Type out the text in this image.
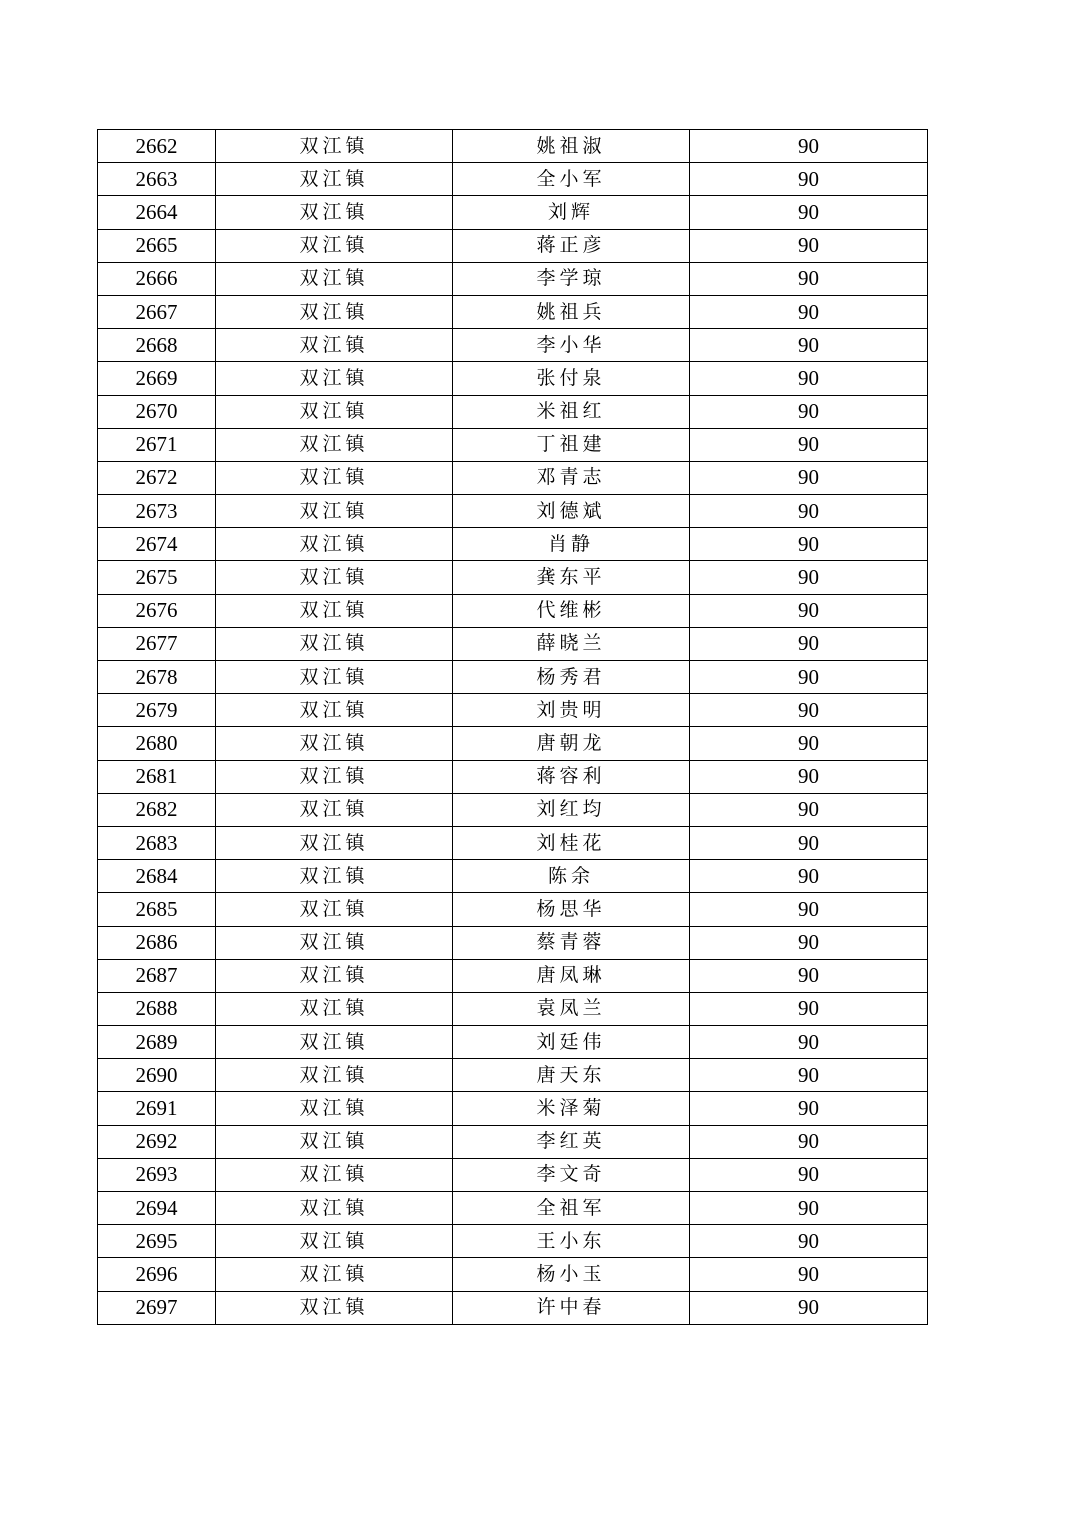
2662	双江镇	姚祖淑	90
2663	双江镇	全小军	90
2664	双江镇	刘辉	90
2665	双江镇	蒋正彦	90
2666	双江镇	李学琼	90
2667	双江镇	姚祖兵	90
2668	双江镇	李小华	90
2669	双江镇	张付泉	90
2670	双江镇	米祖红	90
2671	双江镇	丁祖建	90
2672	双江镇	邓青志	90
2673	双江镇	刘德斌	90
2674	双江镇	肖静	90
2675	双江镇	龚东平	90
2676	双江镇	代维彬	90
2677	双江镇	薛晓兰	90
2678	双江镇	杨秀君	90
2679	双江镇	刘贵明	90
2680	双江镇	唐朝龙	90
2681	双江镇	蒋容利	90
2682	双江镇	刘红均	90
2683	双江镇	刘桂花	90
2684	双江镇	陈余	90
2685	双江镇	杨思华	90
2686	双江镇	蔡青蓉	90
2687	双江镇	唐凤琳	90
2688	双江镇	袁凤兰	90
2689	双江镇	刘廷伟	90
2690	双江镇	唐天东	90
2691	双江镇	米泽菊	90
2692	双江镇	李红英	90
2693	双江镇	李文奇	90
2694	双江镇	全祖军	90
2695	双江镇	王小东	90
2696	双江镇	杨小玉	90
2697	双江镇	许中春	90
